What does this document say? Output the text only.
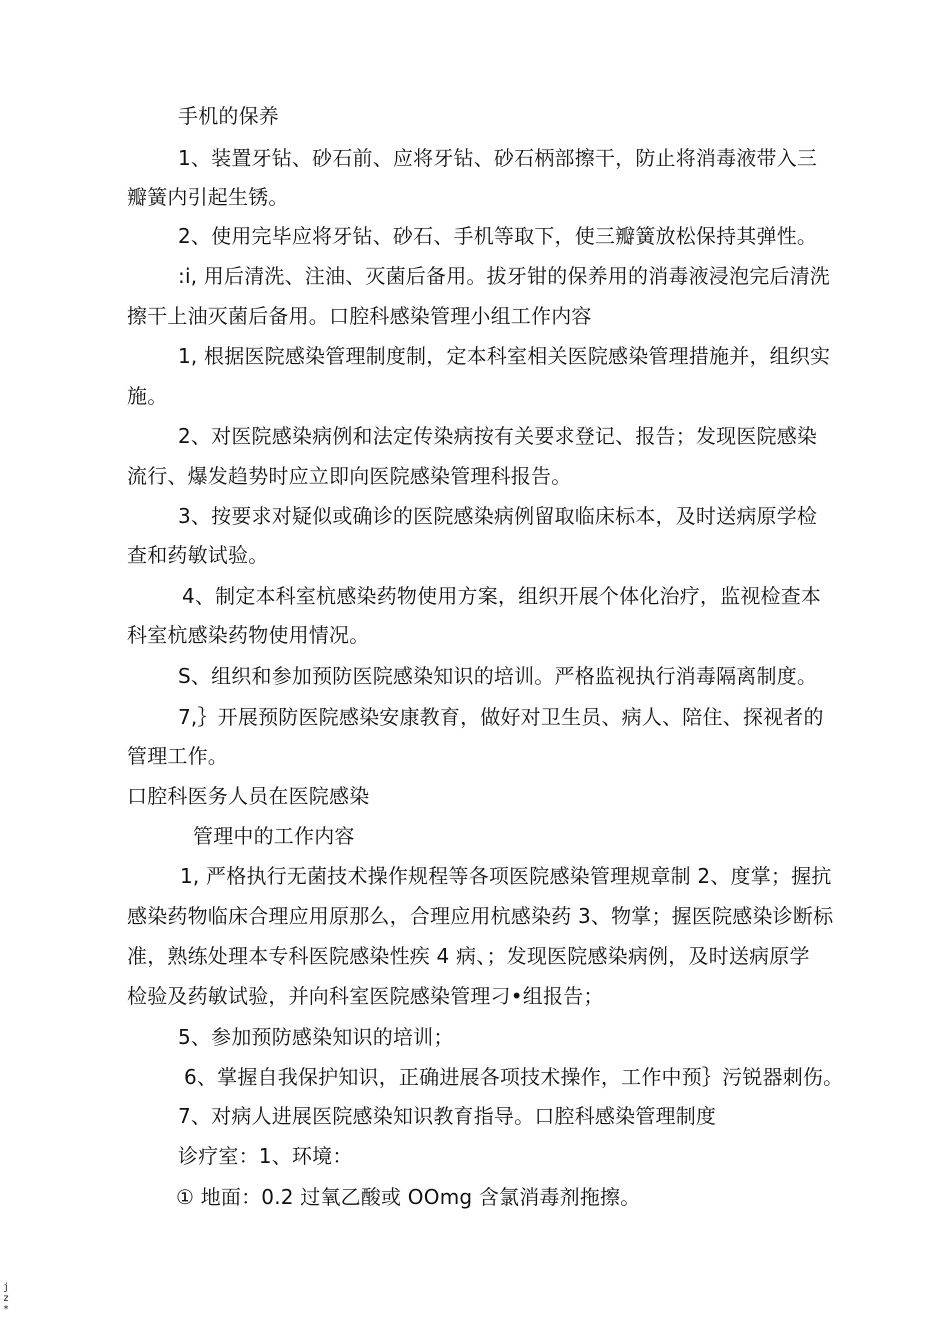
手机的保养
1、装置牙钻、砂石前、应将牙钻、砂石柄部擦干，防止将消毒液带入三
瓣簧内引起生锈。
2、使用完毕应将牙钻、砂石、手机等取下，使三瓣簧放松保持其弹性。
:i, 用后清洗、注油、灭菌后备用。拔牙钳的保养用的消毒液浸泡完后清洗
擦干上油灭菌后备用。口腔科感染管理小组工作内容
1, 根据医院感染管理制度制，定本科室相关医院感染管理措施并，组织实
施。
2、对医院感染病例和法定传染病按有关要求登记、报告；发现医院感染
流行、爆发趋势时应立即向医院感染管理科报告。
3、按要求对疑似或确诊的医院感染病例留取临床标本，及时送病原学检
查和药敏试验。
4、制定本科室杭感染药物使用方案，组织开展个体化治疗，监视检查本
科室杭感染药物使用情况。
S、组织和参加预防医院感染知识的培训。严格监视执行消毒隔离制度。
7,｝开展预防医院感染安康教育，做好对卫生员、病人、陪住、探视者的
管理工作。
口腔科医务人员在医院感染
管理中的工作内容
1, 严格执行无菌技术操作规程等各项医院感染管理规章制 2、度掌；握抗
感染药物临床合理应用原那么，合理应用杭感染药 3、物掌；握医院感染诊断标
准，熟练处理本专科医院感染性疾 4 病、；发现医院感染病例，及时送病原学
检验及药敏试验，并向科室医院感染管理刁•组报告；
5、参加预防感染知识的培训；
6、掌握自我保护知识，正确进展各项技术操作，工作中预｝污锐器刺伤。
7、对病人进展医院感染知识教育指导。口腔科感染管理制度
诊疗室：1、环境：
① 地面：0.2 过氧乙酸或 OOmg 含氯消毒剂拖擦。
j
z
*
